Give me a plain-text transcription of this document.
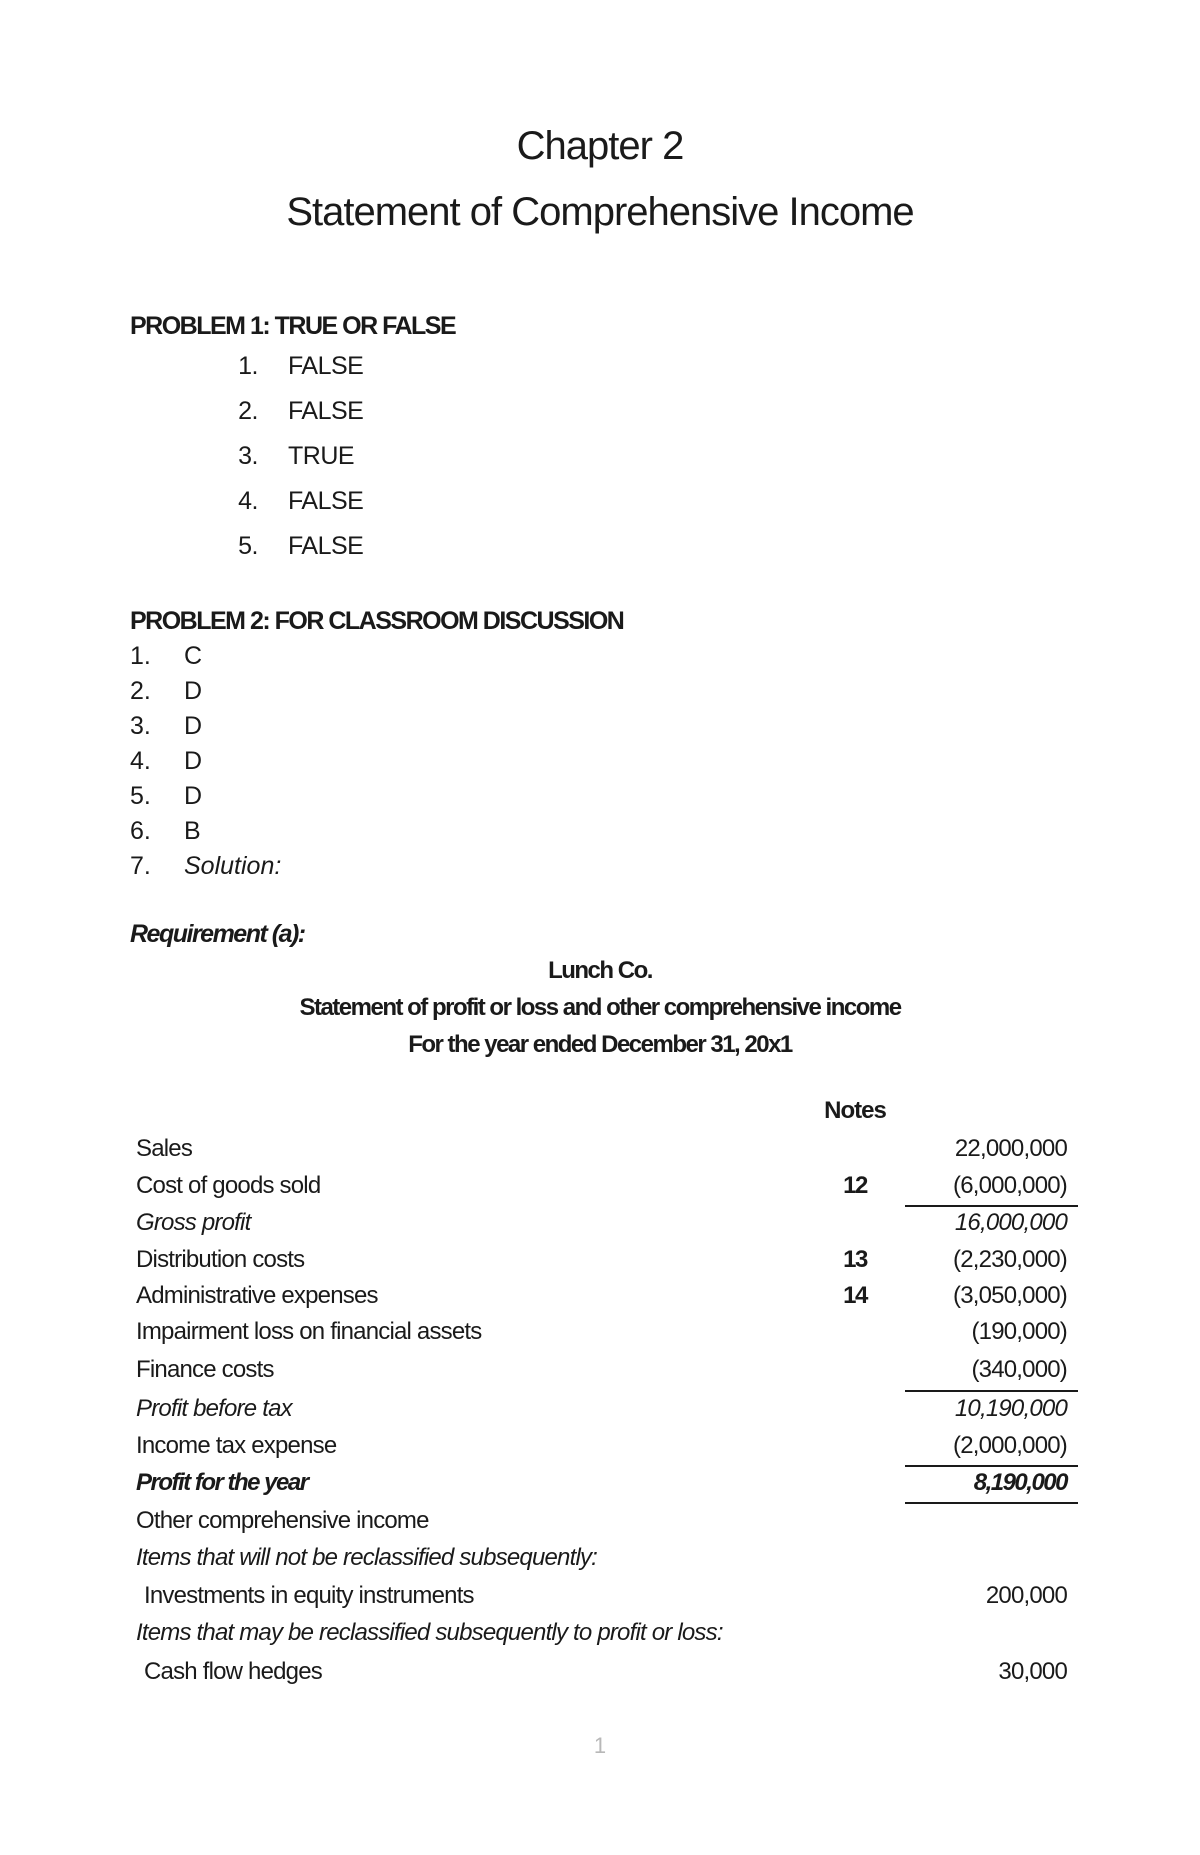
Chapter 2
Statement of Comprehensive Income
PROBLEM 1: TRUE OR FALSE
1. FALSE
2. FALSE
3. TRUE
4. FALSE
5. FALSE
PROBLEM 2: FOR CLASSROOM DISCUSSION
1. C
2. D
3. D
4. D
5. D
6. B
7. Solution:
Requirement (a):
Lunch Co.
Statement of profit or loss and other comprehensive income
For the year ended December 31, 20x1
Notes
Sales	22,000,000
Cost of goods sold	12	(6,000,000)
Gross profit	16,000,000
Distribution costs	13	(2,230,000)
Administrative expenses	14	(3,050,000)
Impairment loss on financial assets	(190,000)
Finance costs	(340,000)
Profit before tax	10,190,000
Income tax expense	(2,000,000)
Profit for the year	8,190,000
Other comprehensive income
Items that will not be reclassified subsequently:
Investments in equity instruments	200,000
Items that may be reclassified subsequently to profit or loss:
Cash flow hedges	30,000
1
